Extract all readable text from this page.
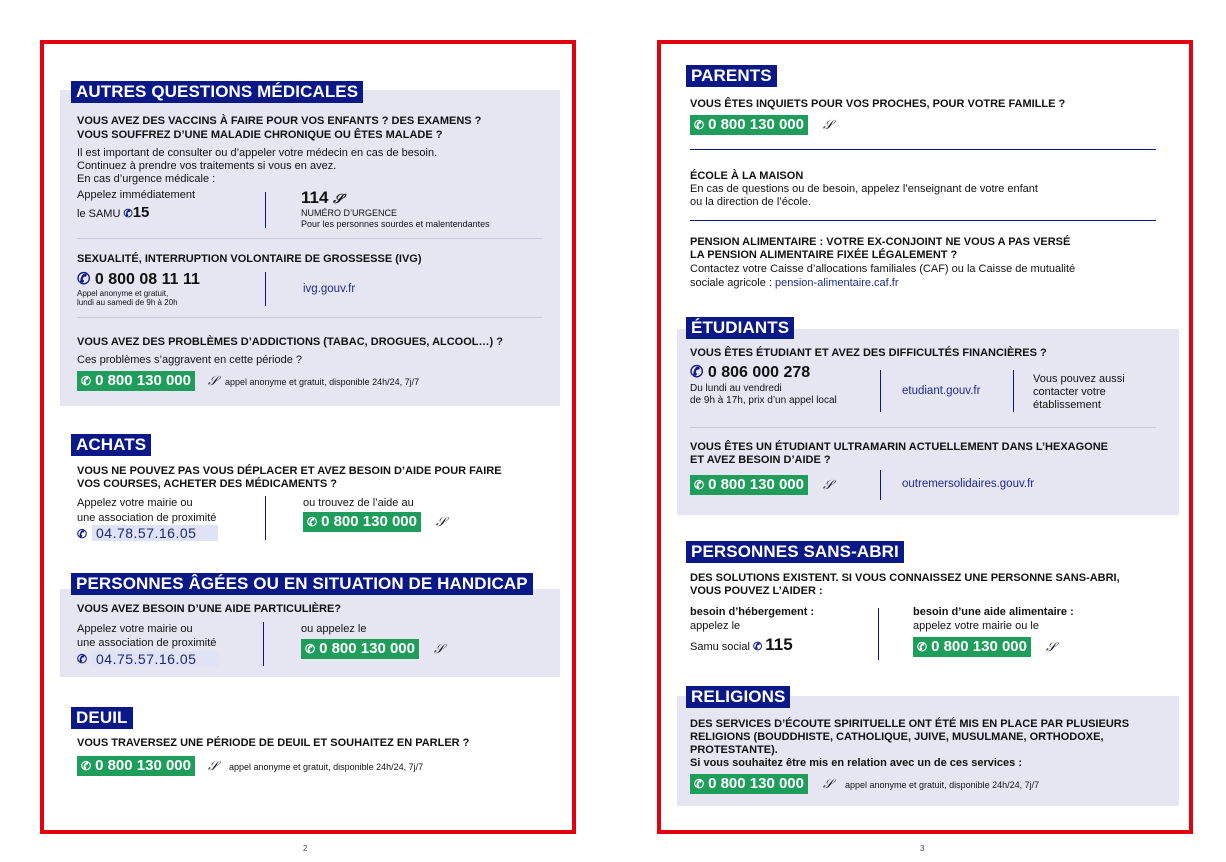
AUTRES QUESTIONS MÉDICALES
VOUS AVEZ DES VACCINS À FAIRE POUR VOS ENFANTS ? DES EXAMENS ?
VOUS SOUFFREZ D’UNE MALADIE CHRONIQUE OU ÊTES MALADE ?
Il est important de consulter ou d’appeler votre médecin en cas de besoin.
Continuez à prendre vos traitements si vous en avez.
En cas d’urgence médicale :
Appelez immédiatement
le SAMU ✆15
114 𝒮
NUMÉRO D’URGENCE
Pour les personnes sourdes et malentendantes
SEXUALITÉ, INTERRUPTION VOLONTAIRE DE GROSSESSE (IVG)
✆ 0 800 08 11 11
Appel anonyme et gratuit,
lundi au samedi de 9h à 20h
ivg.gouv.fr
VOUS AVEZ DES PROBLÈMES D’ADDICTIONS (TABAC, DROGUES, ALCOOL…) ?
Ces problèmes s’aggravent en cette période ?
✆ 0 800 130 000	𝒮 appel anonyme et gratuit, disponible 24h/24, 7j/7
ACHATS
VOUS NE POUVEZ PAS VOUS DÉPLACER ET AVEZ BESOIN D’AIDE POUR FAIRE
VOS COURSES, ACHETER DES MÉDICAMENTS ?
Appelez votre mairie ou
une association de proximité
✆ 04.78.57.16.05
ou trouvez de l’aide au
✆ 0 800 130 000	𝒮
PERSONNES ÂGÉES OU EN SITUATION DE HANDICAP
VOUS AVEZ BESOIN D’UNE AIDE PARTICULIÈRE?
Appelez votre mairie ou
une association de proximité
✆ 04.75.57.16.05
ou appelez le
✆ 0 800 130 000	𝒮
DEUIL
VOUS TRAVERSEZ UNE PÉRIODE DE DEUIL ET SOUHAITEZ EN PARLER ?
✆ 0 800 130 000	𝒮 appel anonyme et gratuit, disponible 24h/24, 7j/7
2
PARENTS
VOUS ÊTES INQUIETS POUR VOS PROCHES, POUR VOTRE FAMILLE ?
✆ 0 800 130 000	𝒮
ÉCOLE À LA MAISON
En cas de questions ou de besoin, appelez l’enseignant de votre enfant
ou la direction de l’école.
PENSION ALIMENTAIRE : VOTRE EX-CONJOINT NE VOUS A PAS VERSÉ
LA PENSION ALIMENTAIRE FIXÉE LÉGALEMENT ?
Contactez votre Caisse d’allocations familiales (CAF) ou la Caisse de mutualité
sociale agricole : pension-alimentaire.caf.fr
ÉTUDIANTS
VOUS ÊTES ÉTUDIANT ET AVEZ DES DIFFICULTÉS FINANCIÈRES ?
✆ 0 806 000 278
Du lundi au vendredi
de 9h à 17h, prix d’un appel local
etudiant.gouv.fr
Vous pouvez aussi
contacter votre
établissement
VOUS ÊTES UN ÉTUDIANT ULTRAMARIN ACTUELLEMENT DANS L’HEXAGONE
ET AVEZ BESOIN D’AIDE ?
✆ 0 800 130 000	𝒮	outremersolidaires.gouv.fr
PERSONNES SANS-ABRI
DES SOLUTIONS EXISTENT. SI VOUS CONNAISSEZ UNE PERSONNE SANS-ABRI,
VOUS POUVEZ L’AIDER :
besoin d’hébergement :
appelez le
Samu social ✆ 115
besoin d’une aide alimentaire :
appelez votre mairie ou le
✆ 0 800 130 000	𝒮
RELIGIONS
DES SERVICES D’ÉCOUTE SPIRITUELLE ONT ÉTÉ MIS EN PLACE PAR PLUSIEURS
RELIGIONS (BOUDDHISTE, CATHOLIQUE, JUIVE, MUSULMANE, ORTHODOXE,
PROTESTANTE).
Si vous souhaitez être mis en relation avec un de ces services :
✆ 0 800 130 000	𝒮 appel anonyme et gratuit, disponible 24h/24, 7j/7
3
